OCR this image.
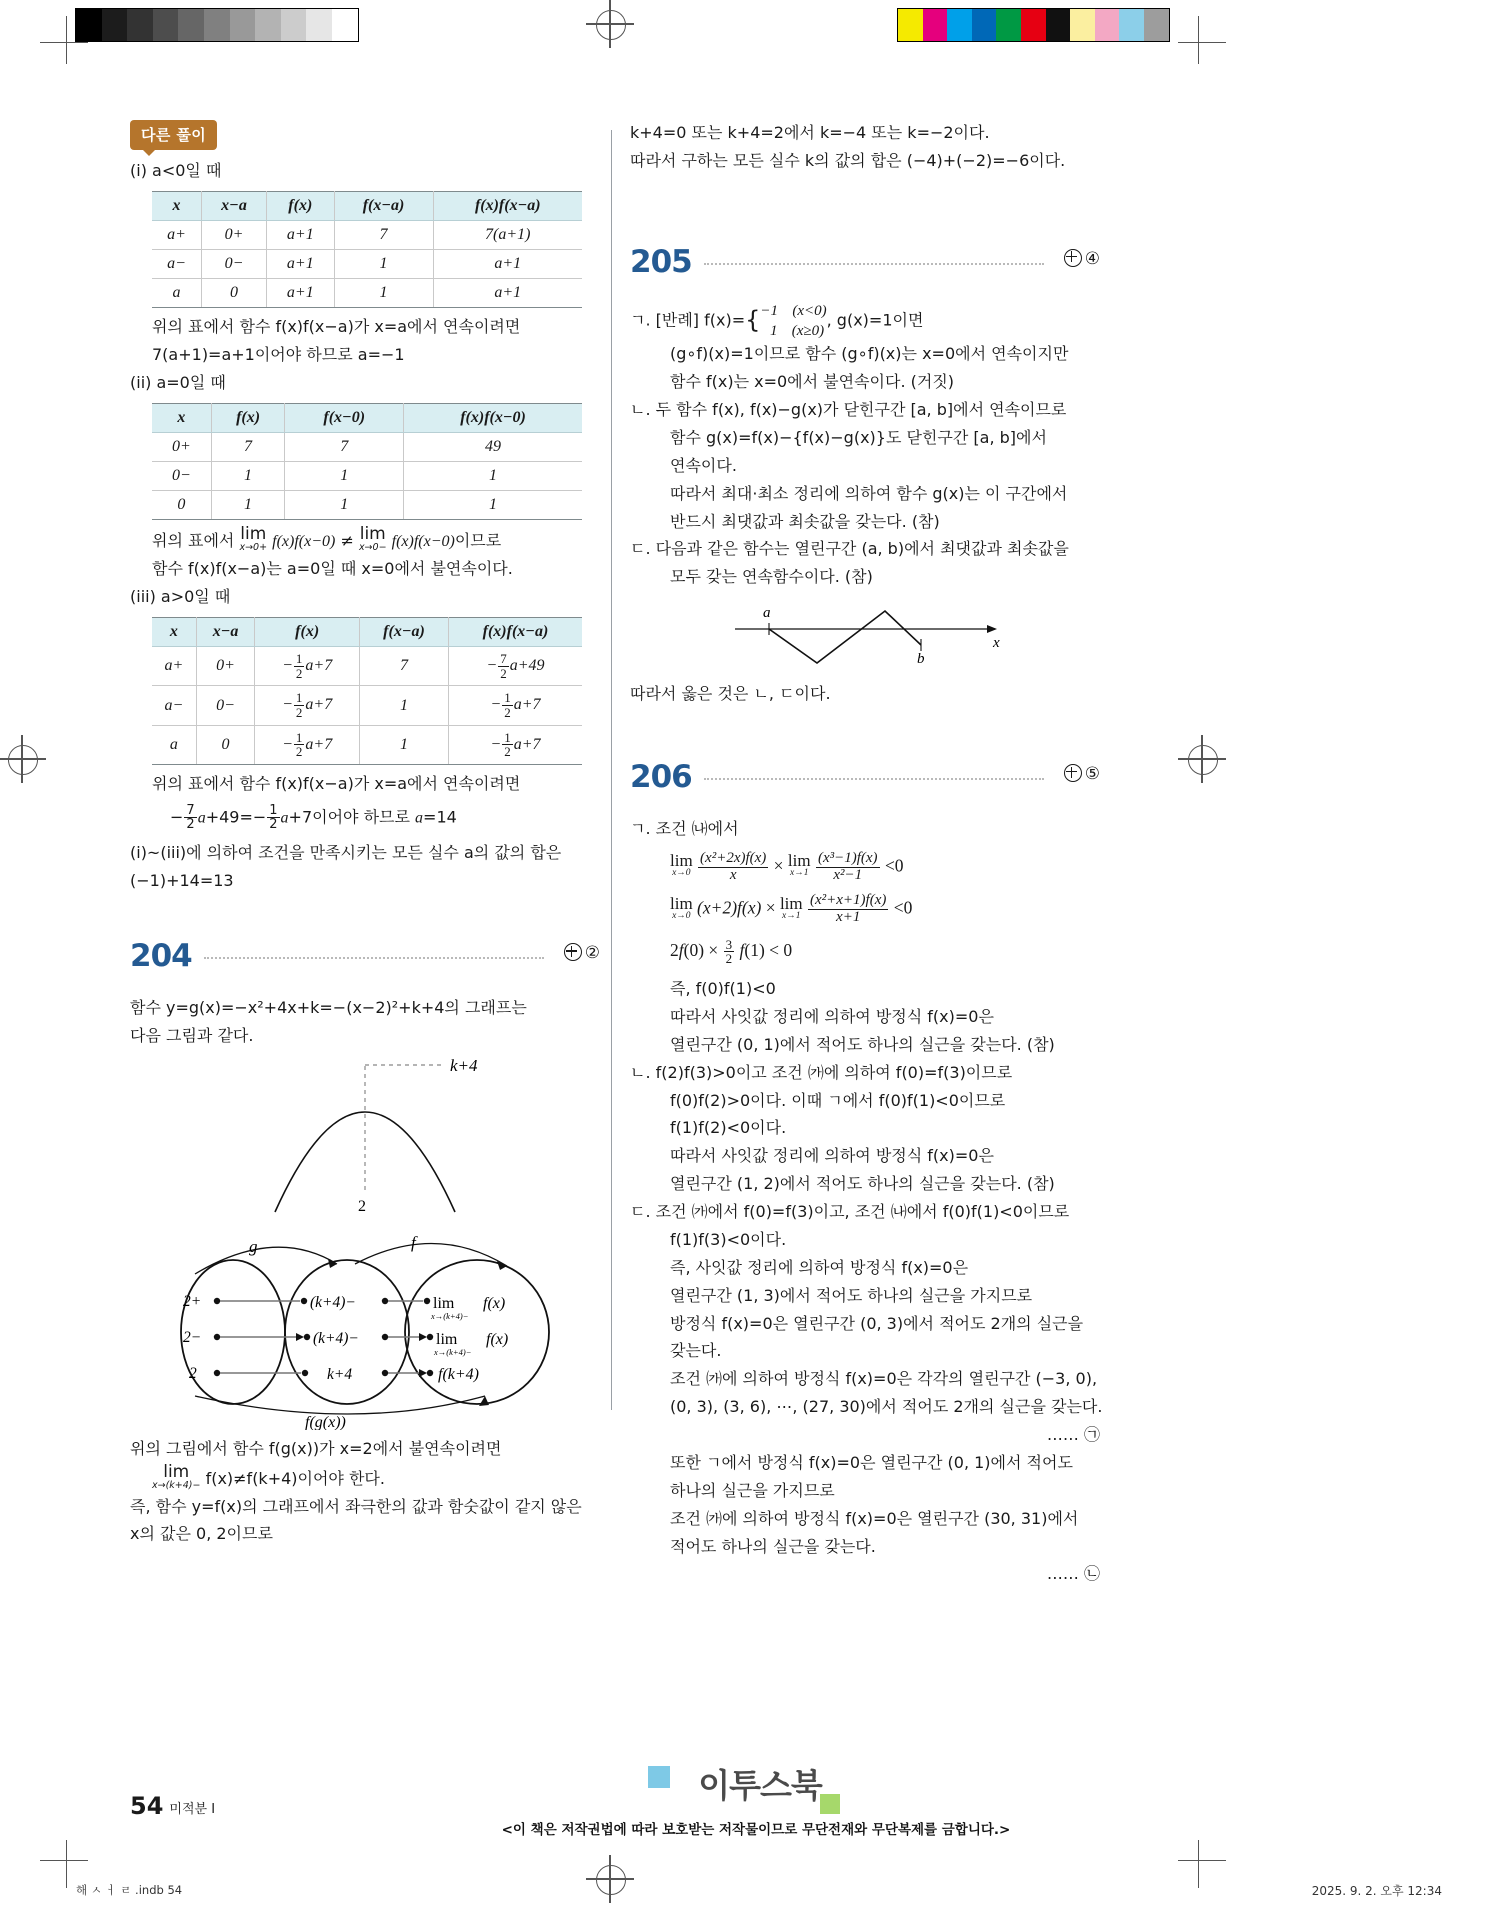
다른 풀이

(i) a<0일 때

x	x−a	f(x)	f(x−a)	f(x)f(x−a)
a+	0+	a+1	7	7(a+1)
a−	0−	a+1	1	a+1
a	0	a+1	1	a+1

위의 표에서 함수 f(x)f(x−a)가 x=a에서 연속이려면

7(a+1)=a+1이어야 하므로 a=−1

(ii) a=0일 때

x	f(x)	f(x−0)	f(x)f(x−0)
0+	7	7	49
0−	1	1	1
0	1	1	1

위의 표에서 lim
x→0+ f(x)f(x−0) ≠ lim
x→0− f(x)f(x−0)이므로

함수 f(x)f(x−a)는 a=0일 때 x=0에서 불연속이다.

(iii) a>0일 때

x	x−a	f(x)	f(x−a)	f(x)f(x−a)
a+	0+	− $\frac{1}{2} a+7$	7	− $\frac{7}{2} a+49$
a−	0−	− $\frac{1}{2} a+7$	1	− $\frac{1}{2} a+7$
a	0	− $\frac{1}{2} a+7$	1	− $\frac{1}{2} a+7$

위의 표에서 함수 f(x)f(x−a)가 x=a에서 연속이려면

− $\frac{7}{2} a+49=- \frac{1}{2} a+7$이어야 하므로 a=14

(i)~(iii)에 의하여 조건을 만족시키는 모든 실수 a의 값의 합은

(−1)+14=13

204	②

함수 y=g(x)=−x²+4x+k=−(x−2)²+k+4의 그래프는

다음 그림과 같다.

k+4
2
g	f
2+	(k+4)−	lim
x→(k+4)−
f(x)
2−	(k+4)−	lim
x→(k+4)−
f(x)
2	k+4	f(k+4)
f(g(x))

위의 그림에서 함수 f(g(x))가 x=2에서 불연속이려면

lim
x→(k+4)− f(x)≠f(k+4)이어야 한다.

즉, 함수 y=f(x)의 그래프에서 좌극한의 값과 함숫값이 같지 않은

x의 값은 0, 2이므로

k+4=0 또는 k+4=2에서 k=−4 또는 k=−2이다.

따라서 구하는 모든 실수 k의 값의 합은 (−4)+(−2)=−6이다.

205	④

ㄱ. [반례] f(x)={ −1 (x<0)
1 (x≥0)
, g(x)=1이면

(g∘f)(x)=1이므로 함수 (g∘f)(x)는 x=0에서 연속이지만

함수 f(x)는 x=0에서 불연속이다. (거짓)

ㄴ. 두 함수 f(x), f(x)−g(x)가 닫힌구간 [a, b]에서 연속이므로

함수 g(x)=f(x)−{f(x)−g(x)}도 닫힌구간 [a, b]에서

연속이다.

따라서 최대·최소 정리에 의하여 함수 g(x)는 이 구간에서

반드시 최댓값과 최솟값을 갖는다. (참)

ㄷ. 다음과 같은 함수는 열린구간 (a, b)에서 최댓값과 최솟값을

모두 갖는 연속함수이다. (참)

a
b
x

따라서 옳은 것은 ㄴ, ㄷ이다.

206	⑤

ㄱ. 조건 ㈏에서

lim
x→0
$\frac{\text{(x²+2x)f(x)}}{x} \times \lim$
x→1
$\frac{\text{(x³−1)f(x)}}{\text{x²−1}} <0$

lim
x→0 (x+2)f(x) × lim
x→1
$\frac{\text{(x²+x+1)f(x)}}{x+1} <0$

$2f(0) \times \frac{3}{2} f(1) < 0$

즉, f(0)f(1)<0

따라서 사잇값 정리에 의하여 방정식 f(x)=0은

열린구간 (0, 1)에서 적어도 하나의 실근을 갖는다. (참)

ㄴ. f(2)f(3)>0이고 조건 ㈎에 의하여 f(0)=f(3)이므로

f(0)f(2)>0이다. 이때 ㄱ에서 f(0)f(1)<0이므로

f(1)f(2)<0이다.

따라서 사잇값 정리에 의하여 방정식 f(x)=0은

열린구간 (1, 2)에서 적어도 하나의 실근을 갖는다. (참)

ㄷ. 조건 ㈎에서 f(0)=f(3)이고, 조건 ㈏에서 f(0)f(1)<0이므로

f(1)f(3)<0이다.

즉, 사잇값 정리에 의하여 방정식 f(x)=0은

열린구간 (1, 3)에서 적어도 하나의 실근을 가지므로

방정식 f(x)=0은 열린구간 (0, 3)에서 적어도 2개의 실근을

갖는다.

조건 ㈎에 의하여 방정식 f(x)=0은 각각의 열린구간 (−3, 0),

(0, 3), (3, 6), ⋯, (27, 30)에서 적어도 2개의 실근을 갖는다.

…… ㉠

또한 ㄱ에서 방정식 f(x)=0은 열린구간 (0, 1)에서 적어도

하나의 실근을 가지므로

조건 ㈎에 의하여 방정식 f(x)=0은 열린구간 (30, 31)에서

적어도 하나의 실근을 갖는다.

…… ㉡

54 미적분 I
이투스북
<이 책은 저작권법에 따라 보호받는 저작물이므로 무단전재와 무단복제를 금합니다.>
해 ㅅ ㅓ ㄹ .indb 54	2025. 9. 2. 오후 12:34
